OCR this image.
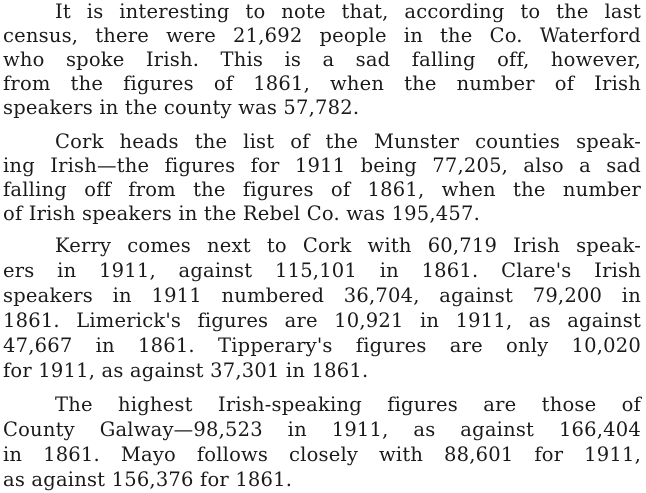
It is interesting to note that, according to the last
census, there were 21,692 people in the Co. Waterford
who spoke Irish. This is a sad falling off, however,
from the figures of 1861, when the number of Irish
speakers in the county was 57,782.
Cork heads the list of the Munster counties speak-
ing Irish—the figures for 1911 being 77,205, also a sad
falling off from the figures of 1861, when the number
of Irish speakers in the Rebel Co. was 195,457.
Kerry comes next to Cork with 60,719 Irish speak-
ers in 1911, against 115,101 in 1861. Clare's Irish
speakers in 1911 numbered 36,704, against 79,200 in
1861. Limerick's figures are 10,921 in 1911, as against
47,667 in 1861. Tipperary's figures are only 10,020
for 1911, as against 37,301 in 1861.
The highest Irish-speaking figures are those of
County Galway—98,523 in 1911, as against 166,404
in 1861. Mayo follows closely with 88,601 for 1911,
as against 156,376 for 1861.
